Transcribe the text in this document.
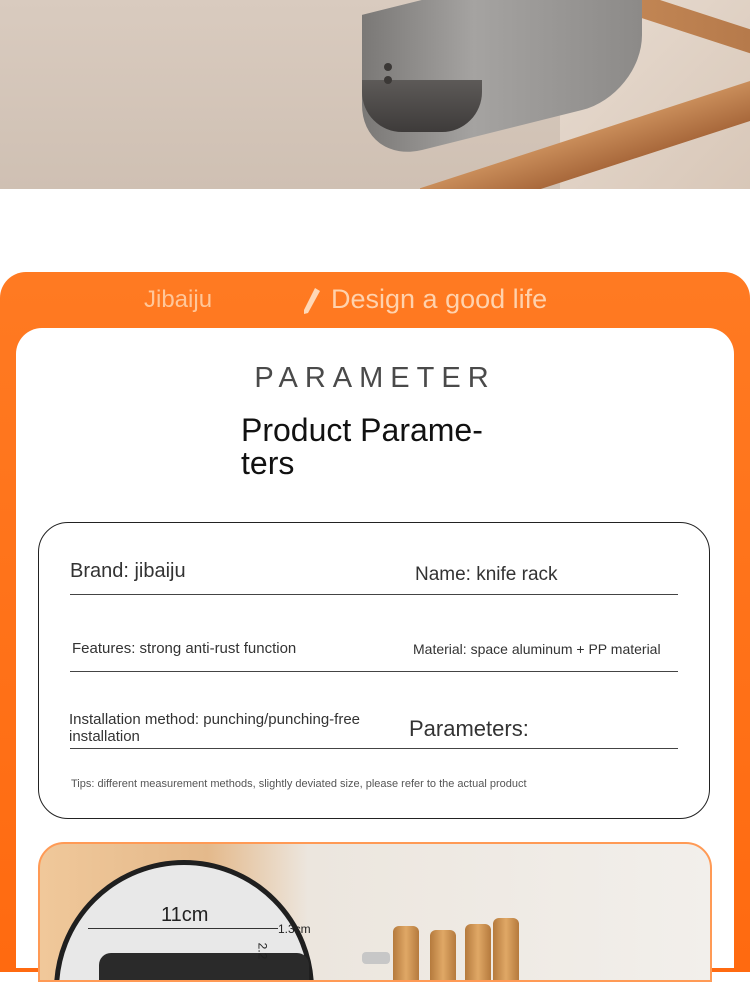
Jibaiju	Design a good life
PARAMETER
Product Parame- ters
Brand: jibaiju	Name: knife rack
Features: strong anti-rust function	Material: space aluminum + PP material
Installation method: punching/punching-free installation	Parameters:
Tips: different measurement methods, slightly deviated size, please refer to the actual product
11cm
1.3cm
2.2
